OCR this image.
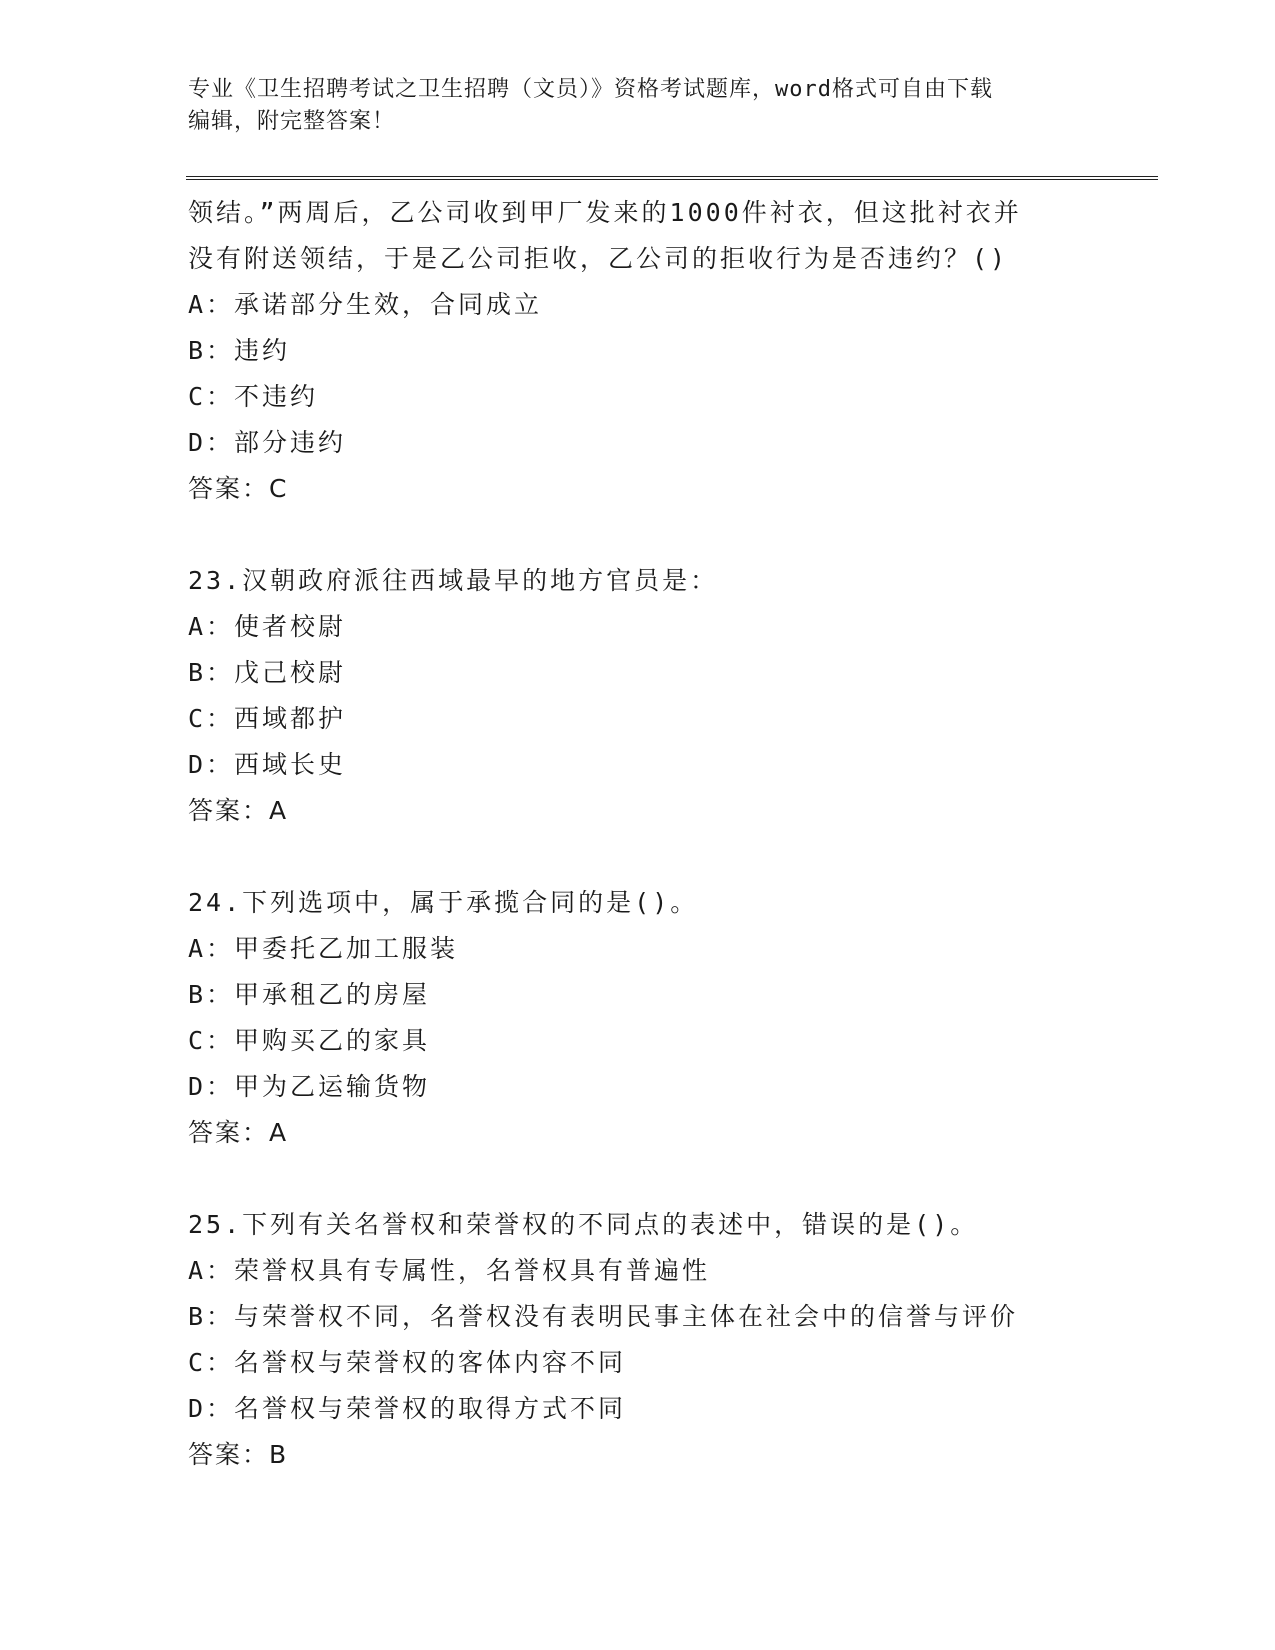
专业《卫生招聘考试之卫生招聘（文员）》资格考试题库，word格式可自由下载
编辑，附完整答案！
领结。”两周后，乙公司收到甲厂发来的1000件衬衣，但这批衬衣并
没有附送领结，于是乙公司拒收，乙公司的拒收行为是否违约？()
A：承诺部分生效，合同成立
B：违约
C：不违约
D：部分违约
答案：C
23.汉朝政府派往西域最早的地方官员是：
A：使者校尉
B：戊己校尉
C：西域都护
D：西域长史
答案：A
24.下列选项中，属于承揽合同的是()。
A：甲委托乙加工服装
B：甲承租乙的房屋
C：甲购买乙的家具
D：甲为乙运输货物
答案：A
25.下列有关名誉权和荣誉权的不同点的表述中，错误的是()。
A：荣誉权具有专属性，名誉权具有普遍性
B：与荣誉权不同，名誉权没有表明民事主体在社会中的信誉与评价
C：名誉权与荣誉权的客体内容不同
D：名誉权与荣誉权的取得方式不同
答案：B
